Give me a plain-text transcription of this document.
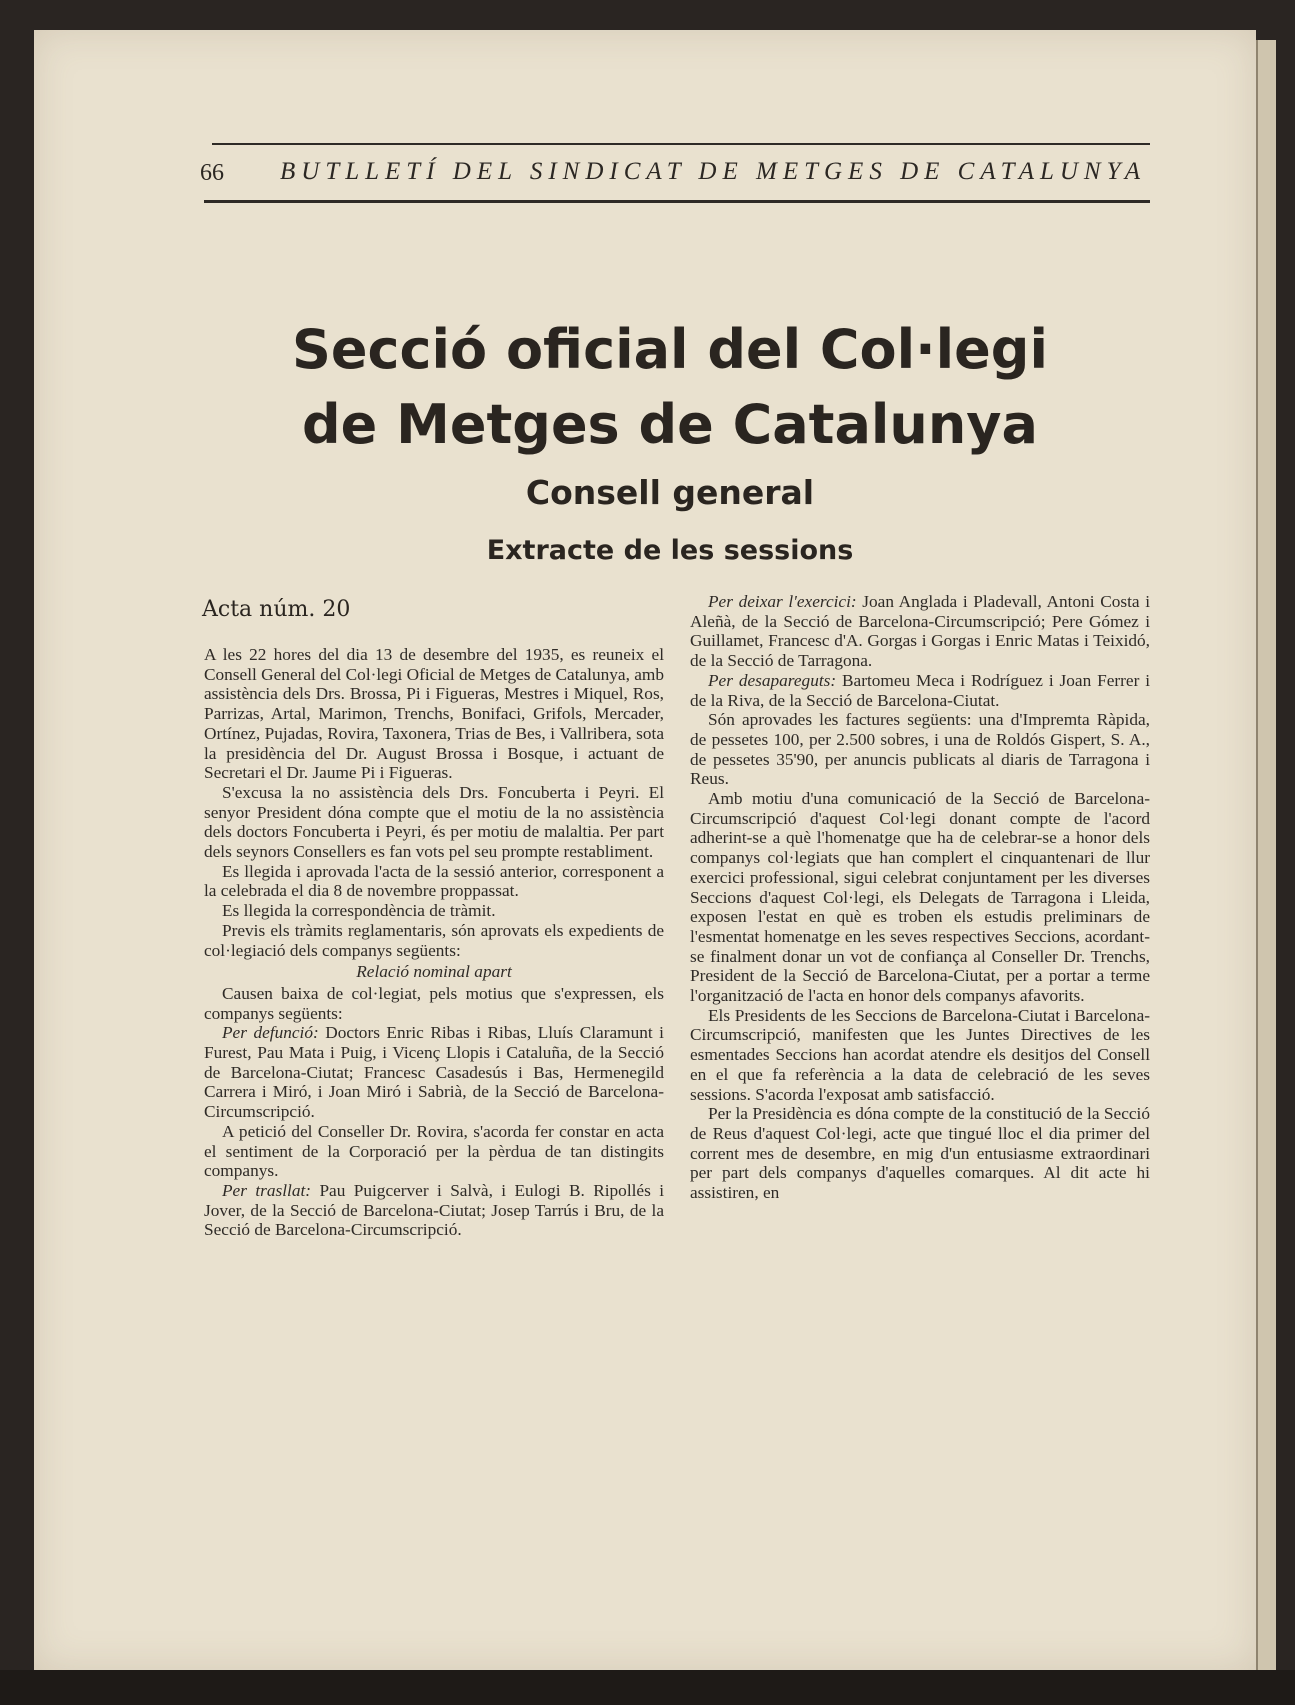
66 BUTLLETÍ DEL SINDICAT DE METGES DE CATALUNYA
Secció oficial del Col·legi
de Metges de Catalunya
Consell general
Extracte de les sessions
Acta núm. 20

A les 22 hores del dia 13 de desembre del 1935, es reuneix el Consell General del Col·legi Oficial de Metges de Catalunya, amb assistència dels Drs. Brossa, Pi i Figueras, Mestres i Miquel, Ros, Parrizas, Artal, Marimon, Trenchs, Bonifaci, Grifols, Mercader, Ortínez, Pujadas, Rovira, Taxonera, Trias de Bes, i Vallribera, sota la presidència del Dr. August Brossa i Bosque, i actuant de Secretari el Dr. Jaume Pi i Figueras.

S'excusa la no assistència dels Drs. Foncuberta i Peyri. El senyor President dóna compte que el motiu de la no assistència dels doctors Foncuberta i Peyri, és per motiu de malaltia. Per part dels seynors Consellers es fan vots pel seu prompte restabliment.

Es llegida i aprovada l'acta de la sessió anterior, corresponent a la celebrada el dia 8 de novembre proppassat.

Es llegida la correspondència de tràmit.

Previs els tràmits reglamentaris, són aprovats els expedients de col·legiació dels companys següents:

Relació nominal apart

Causen baixa de col·legiat, pels motius que s'expressen, els companys següents:

Per defunció: Doctors Enric Ribas i Ribas, Lluís Claramunt i Furest, Pau Mata i Puig, i Vicenç Llopis i Cataluña, de la Secció de Barcelona-Ciutat; Francesc Casadesús i Bas, Hermenegild Carrera i Miró, i Joan Miró i Sabrià, de la Secció de Barcelona-Circumscripció.

A petició del Conseller Dr. Rovira, s'acorda fer constar en acta el sentiment de la Corporació per la pèrdua de tan distingits companys.

Per trasllat: Pau Puigcerver i Salvà, i Eulogi B. Ripollés i Jover, de la Secció de Barcelona-Ciutat; Josep Tarrús i Bru, de la Secció de Barcelona-Circumscripció.

Per deixar l'exercici: Joan Anglada i Pladevall, Antoni Costa i Aleñà, de la Secció de Barcelona-Circumscripció; Pere Gómez i Guillamet, Francesc d'A. Gorgas i Gorgas i Enric Matas i Teixidó, de la Secció de Tarragona.

Per desapareguts: Bartomeu Meca i Rodríguez i Joan Ferrer i de la Riva, de la Secció de Barcelona-Ciutat.

Són aprovades les factures següents: una d'Impremta Ràpida, de pessetes 100, per 2.500 sobres, i una de Roldós Gispert, S. A., de pessetes 35'90, per anuncis publicats al diaris de Tarragona i Reus.

Amb motiu d'una comunicació de la Secció de Barcelona-Circumscripció d'aquest Col·legi donant compte de l'acord adherint-se a què l'homenatge que ha de celebrar-se a honor dels companys col·legiats que han complert el cinquantenari de llur exercici professional, sigui celebrat conjuntament per les diverses Seccions d'aquest Col·legi, els Delegats de Tarragona i Lleida, exposen l'estat en què es troben els estudis preliminars de l'esmentat homenatge en les seves respectives Seccions, acordant-se finalment donar un vot de confiança al Conseller Dr. Trenchs, President de la Secció de Barcelona-Ciutat, per a portar a terme l'organització de l'acta en honor dels companys afavorits.

Els Presidents de les Seccions de Barcelona-Ciutat i Barcelona-Circumscripció, manifesten que les Juntes Directives de les esmentades Seccions han acordat atendre els desitjos del Consell en el que fa referència a la data de celebració de les seves sessions. S'acorda l'exposat amb satisfacció.

Per la Presidència es dóna compte de la constitució de la Secció de Reus d'aquest Col·legi, acte que tingué lloc el dia primer del corrent mes de desembre, en mig d'un entusiasme extraordinari per part dels companys d'aquelles comarques. Al dit acte hi assistiren, en
